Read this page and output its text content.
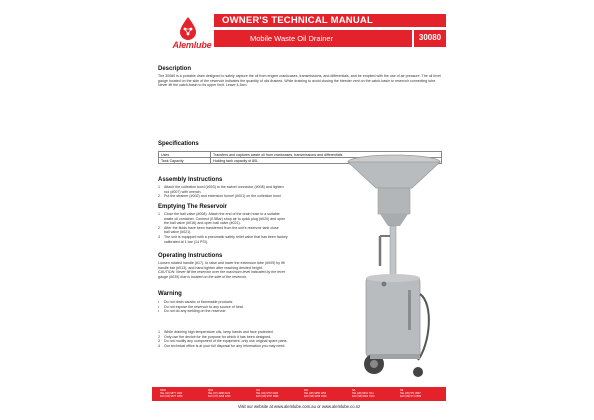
Alemlube
OWNER'S TECHNICAL MANUAL
Mobile Waste Oil Drainer	30080
Description
The 30080 is a portable drain designed to safely capture the oil from engine crankcases, transmissions, and differentials, and be emptied with the use of air pressure. The oil level gauge located on the side of the reservoir indicates the quantity of oils drained. While draining to avoid closing the bleeder vent on the catch-basin to reservoir connecting tube. Never lift the catch-basin to its upper limit. Leave 4-5cm.
Specifications
Uses	Transfers and captures waste oil from crankcases, transmissions and differentials
Tank Capacity	Holding tank capacity of 80L
Assembly Instructions
1	Attach the collection bowl (#003) to the swivel connector (#008) and tighten
rod (#007) with wrench.
2	Put the strainer (#002) and extension funnel (#001) on the collection bowl.
Emptying The Reservoir
1	Close the ball valve (#008). Attach the end of the drain hose to a suitable
waste oil container. Connect (0.5Bar) shop air to quick plug (#020) and open
the ball valve (#016) and open ball valve (#021).
2	After the fluids have been transferred from the unit's reservoir tank close
ball valve (#021).
3	The unit is equipped with a pneumatic safety relief valve that has been factory
calibrated at 1 bar (14 PSI).
Operating Instructions
Loosen rotated handle (#17), to raise and lower the extension tube (#009) by lift
handle bar (#013), and hand tighten after reaching desired height.
CAUTION: Never fill the reservoir over the maximum level indicated by the lever
gauge (#035) that is located on the side of the reservoir.
Warning
•	Do not drain caustic or flammable products.
•	Do not expose the reservoir to any source of heat.
•	Do not do any welding on the reservoir.
1	While draining high temperature oils, keep hands and face protected.
2	Only use the device for the purpose for which it has been designed.
3	Do not modify any component of the equipment; only use original spare parts.
4	Our technical office is at your full disposal for any information you may need.
NSW
TEL (02) 9677 1000
FAX (02) 9677 1050
QLD
TEL (07) 3268 6100
FAX (07) 3268 1250
VIC
TEL (03) 9797 0000
FAX (03) 9797 0099
WA
TEL (08) 9455 1155
FAX (08) 9455 1040
SA
TEL (08) 8301 7111
FAX (08) 8301 7100
NZ
TEL (09) 571 0567
FAX (09) 571 0569
Visit our website at www.alemlube.com.au or www.alemlube.co.nz
